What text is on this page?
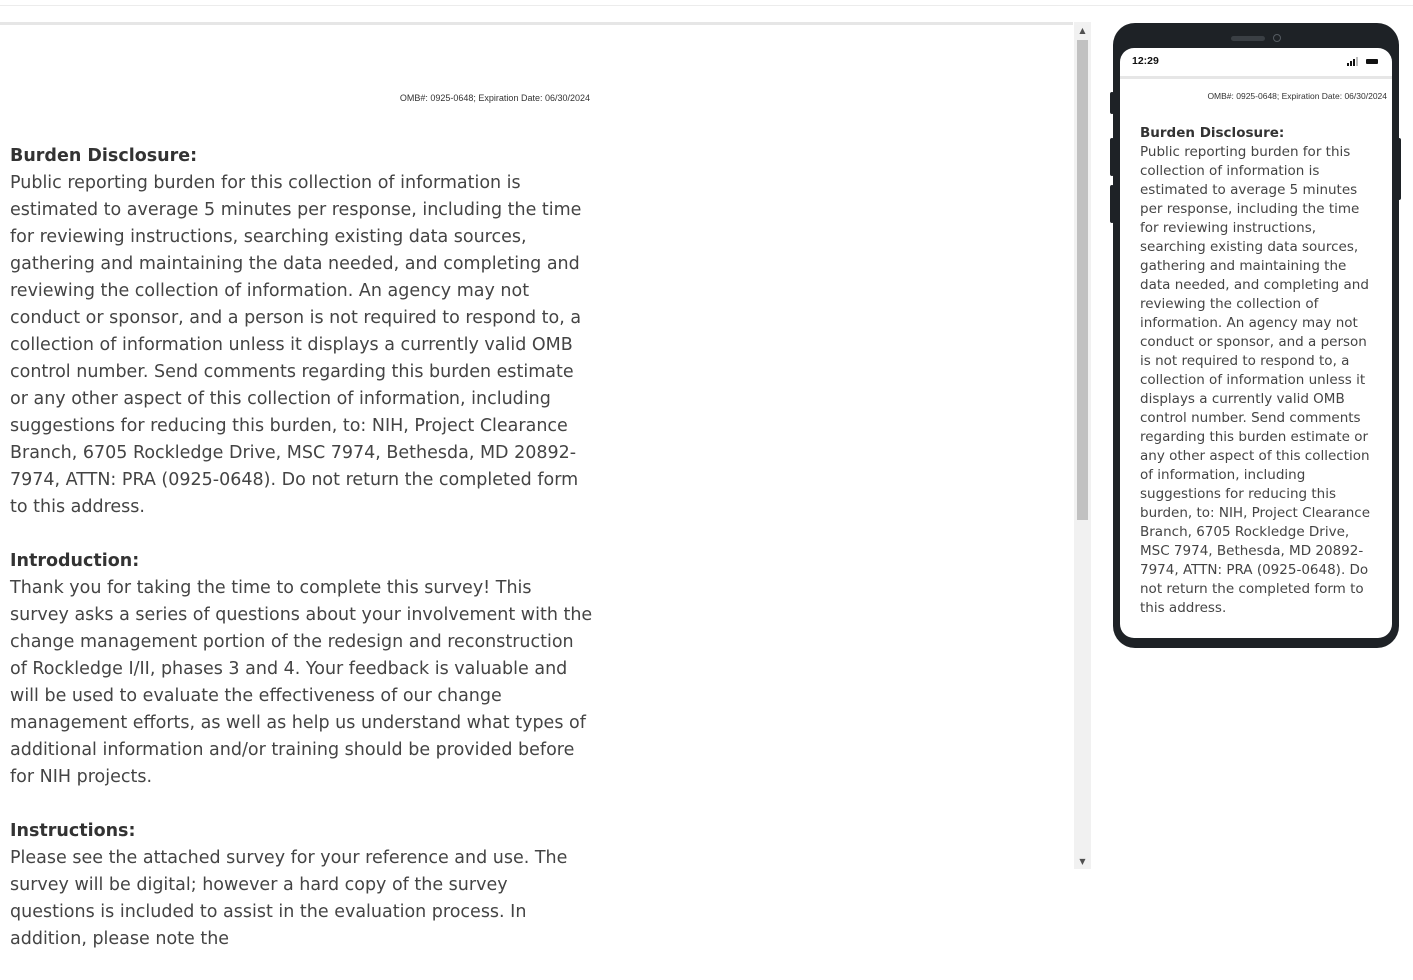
OMB#: 0925-0648; Expiration Date: 06/30/2024
Burden Disclosure:

Public reporting burden for this collection of information is estimated to average 5 minutes per response, including the time for reviewing instructions, searching existing data sources, gathering and maintaining the data needed, and completing and reviewing the collection of information. An agency may not conduct or sponsor, and a person is not required to respond to, a collection of information unless it displays a currently valid OMB control number. Send comments regarding this burden estimate or any other aspect of this collection of information, including suggestions for reducing this burden, to: NIH, Project Clearance Branch, 6705 Rockledge Drive, MSC 7974, Bethesda, MD 20892-7974, ATTN: PRA (0925-0648). Do not return the completed form to this address.

Introduction:

Thank you for taking the time to complete this survey! This survey asks a series of questions about your involvement with the change management portion of the redesign and reconstruction of Rockledge I/II, phases 3 and 4. Your feedback is valuable and will be used to evaluate the effectiveness of our change management efforts, as well as help us understand what types of additional information and/or training should be provided before for NIH projects.

Instructions:

Please see the attached survey for your reference and use. The survey will be digital; however a hard copy of the survey questions is included to assist in the evaluation process. In addition, please note the

▲
▼
12:29
OMB#: 0925-0648; Expiration Date: 06/30/2024
Burden Disclosure:

Public reporting burden for this collection of information is estimated to average 5 minutes per response, including the time for reviewing instructions, searching existing data sources, gathering and maintaining the data needed, and completing and reviewing the collection of information. An agency may not conduct or sponsor, and a person is not required to respond to, a collection of information unless it displays a currently valid OMB control number. Send comments regarding this burden estimate or any other aspect of this collection of information, including suggestions for reducing this burden, to: NIH, Project Clearance Branch, 6705 Rockledge Drive, MSC 7974, Bethesda, MD 20892-7974, ATTN: PRA (0925-0648). Do not return the completed form to this address.
